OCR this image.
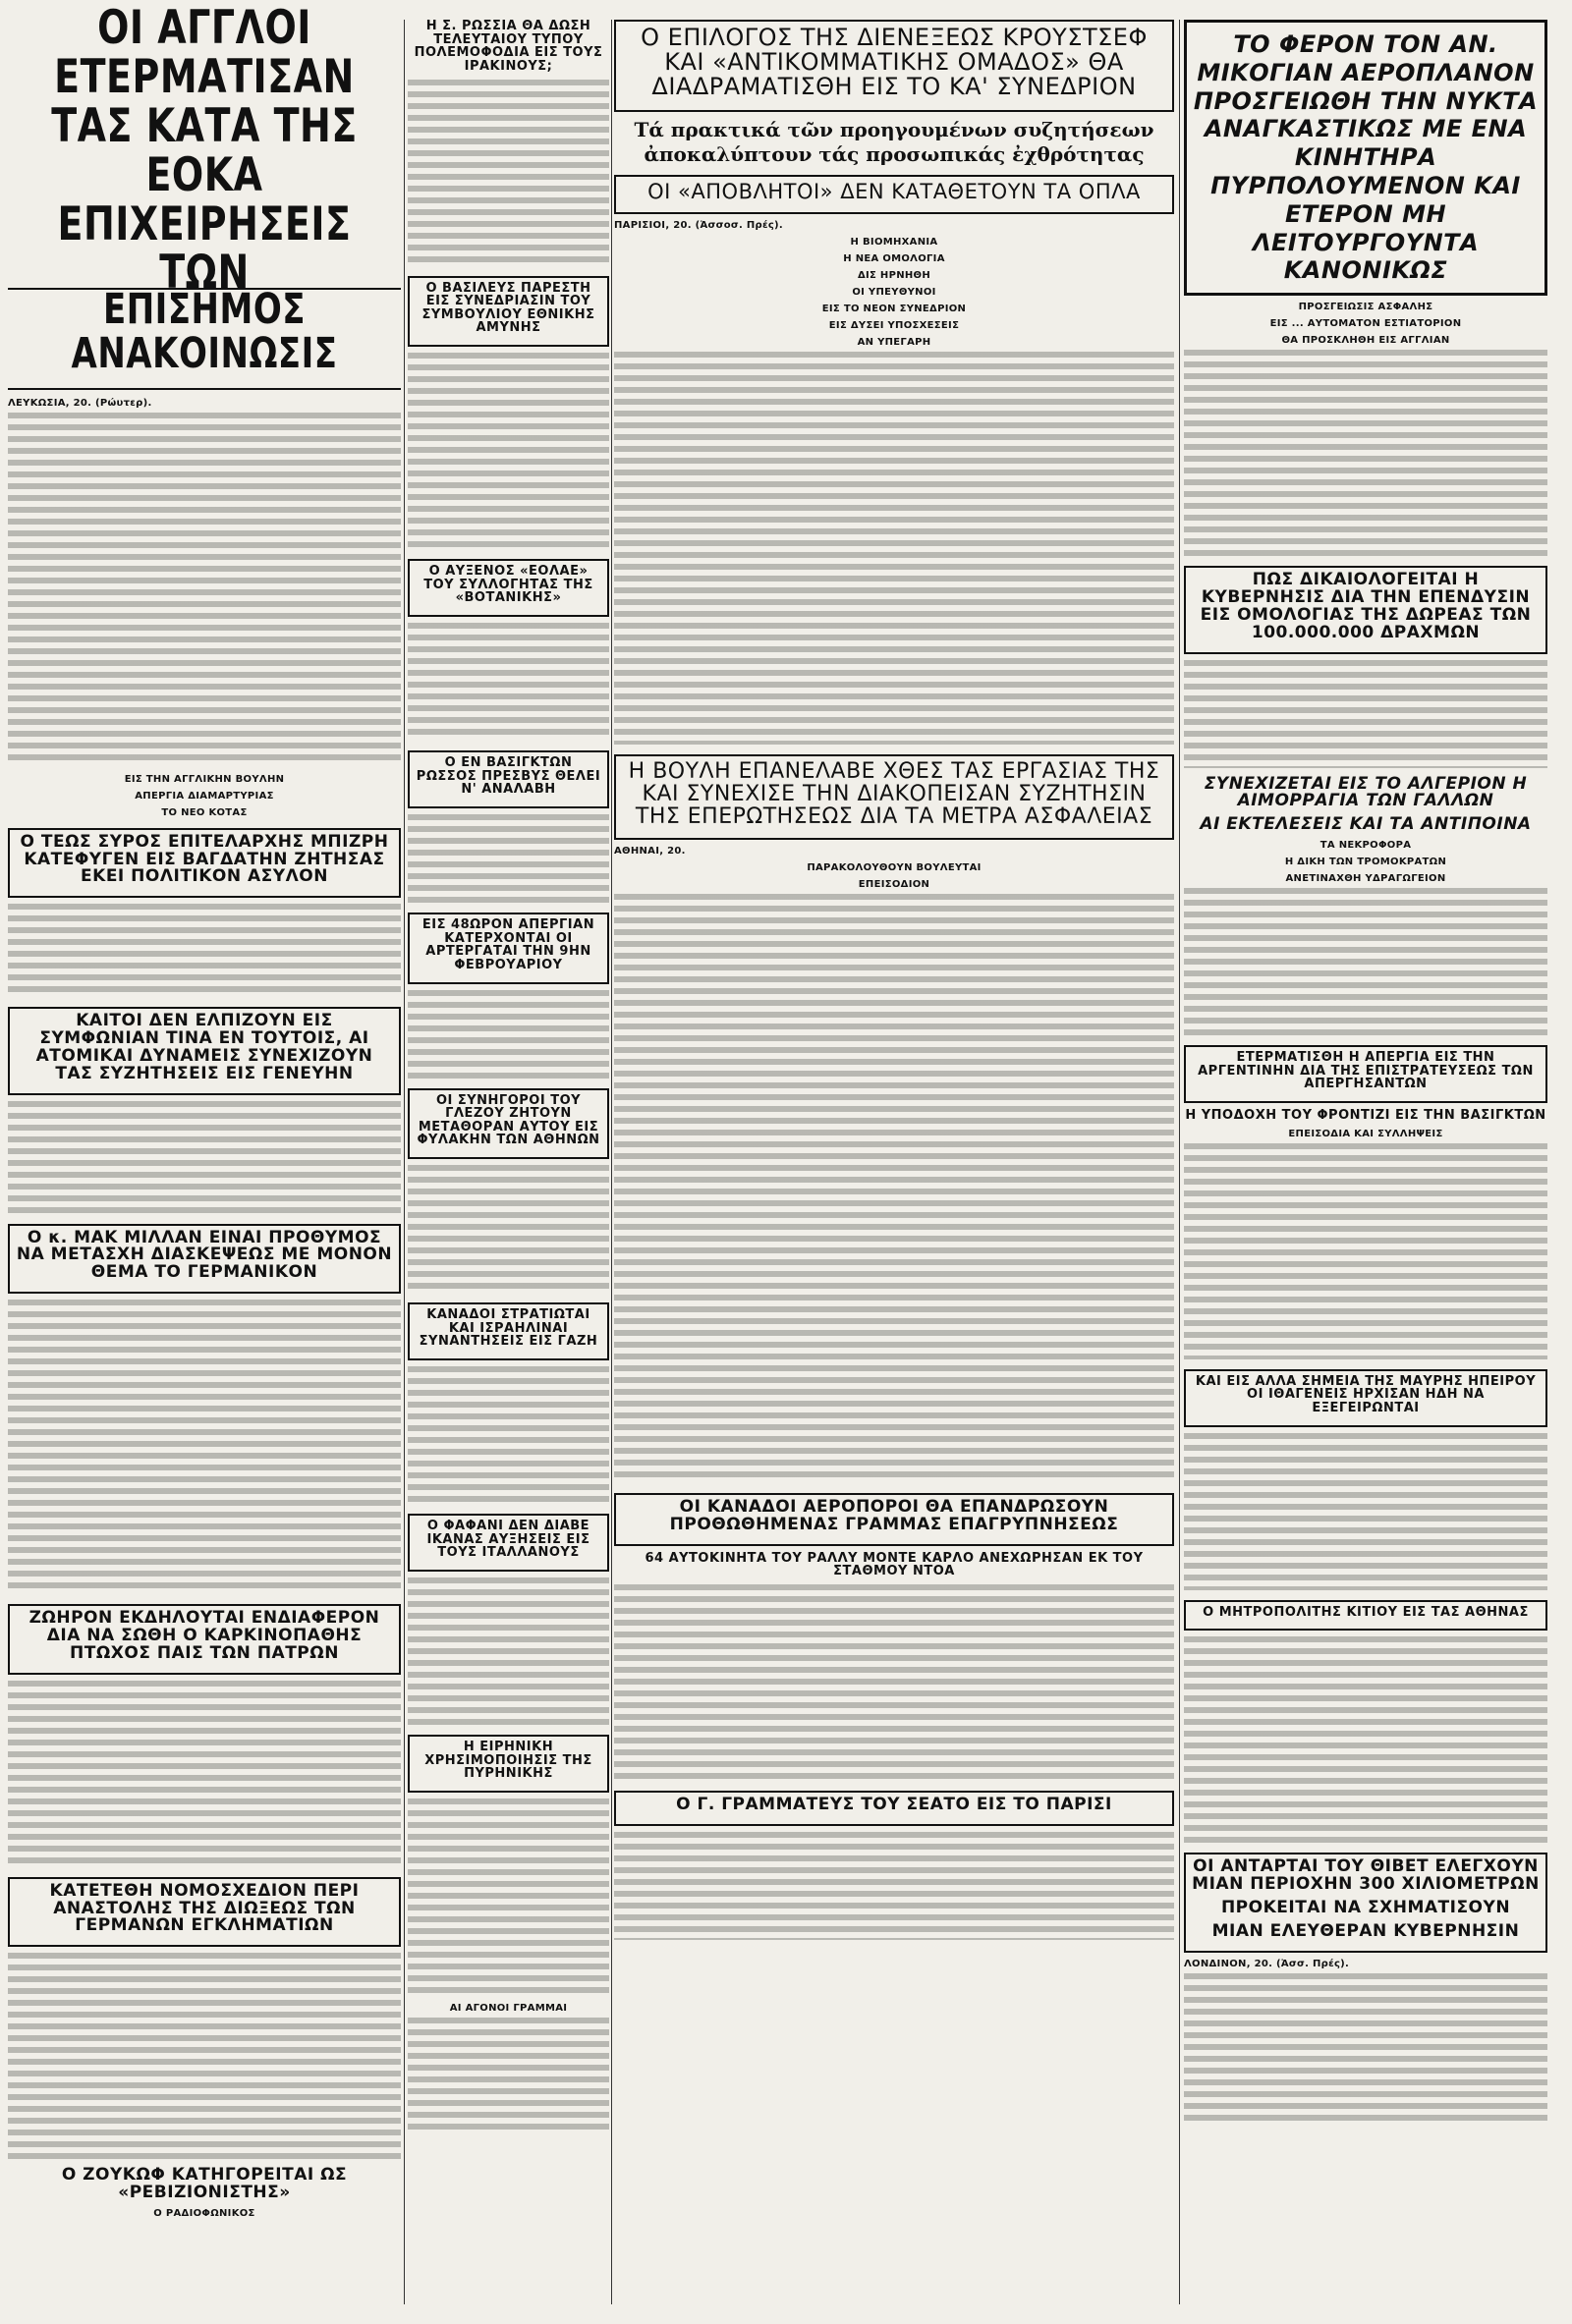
ΟΙ ΑΓΓΛΟΙ ΕΤΕΡΜΑΤΙΣΑΝ ΤΑΣ ΚΑΤΑ ΤΗΣ ΕΟΚΑ ΕΠΙΧΕΙΡΗΣΕΙΣ ΤΩΝ
ΕΠΙΣΗΜΟΣ ΑΝΑΚΟΙΝΩΣΙΣ
ΛΕΥΚΩΣΙΑ, 20. (Ρώυτερ).
ΕΙΣ ΤΗΝ ΑΓΓΛΙΚΗΝ ΒΟΥΛΗΝ
ΑΠΕΡΓΙΑ ΔΙΑΜΑΡΤΥΡΙΑΣ
ΤΟ ΝΕΟ ΚΟΤΑΣ
Ο ΤΕΩΣ ΣΥΡΟΣ ΕΠΙΤΕΛΑΡΧΗΣ ΜΠΙΖΡΗ ΚΑΤΕΦΥΓΕΝ ΕΙΣ ΒΑΓΔΑΤΗΝ ΖΗΤΗΣΑΣ ΕΚΕΙ ΠΟΛΙΤΙΚΟΝ ΑΣΥΛΟΝ
ΚΑΙΤΟΙ ΔΕΝ ΕΛΠΙΖΟΥΝ ΕΙΣ ΣΥΜΦΩΝΙΑΝ ΤΙΝΑ ΕΝ ΤΟΥΤΟΙΣ, ΑΙ ΑΤΟΜΙΚΑΙ ΔΥΝΑΜΕΙΣ ΣΥΝΕΧΙΖΟΥΝ ΤΑΣ ΣΥΖΗΤΗΣΕΙΣ ΕΙΣ ΓΕΝΕΥΗΝ
Ο κ. ΜΑΚ ΜΙΛΛΑΝ ΕΙΝΑΙ ΠΡΟΘΥΜΟΣ ΝΑ ΜΕΤΑΣΧΗ ΔΙΑΣΚΕΨΕΩΣ ΜΕ ΜΟΝΟΝ ΘΕΜΑ ΤΟ ΓΕΡΜΑΝΙΚΟΝ
ΖΩΗΡΟΝ ΕΚΔΗΛΟΥΤΑΙ ΕΝΔΙΑΦΕΡΟΝ ΔΙΑ ΝΑ ΣΩΘΗ Ο ΚΑΡΚΙΝΟΠΑΘΗΣ ΠΤΩΧΟΣ ΠΑΙΣ ΤΩΝ ΠΑΤΡΩΝ
ΚΑΤΕΤΕΘΗ ΝΟΜΟΣΧΕΔΙΟΝ ΠΕΡΙ ΑΝΑΣΤΟΛΗΣ ΤΗΣ ΔΙΩΞΕΩΣ ΤΩΝ ΓΕΡΜΑΝΩΝ ΕΓΚΛΗΜΑΤΙΩΝ
Ο ΖΟΥΚΩΦ ΚΑΤΗΓΟΡΕΙΤΑΙ ΩΣ «ΡΕΒΙΖΙΟΝΙΣΤΗΣ»
Ο ΡΑΔΙΟΦΩΝΙΚΟΣ
Η Σ. ΡΩΣΣΙΑ ΘΑ ΔΩΣΗ ΤΕΛΕΥΤΑΙΟΥ ΤΥΠΟΥ ΠΟΛΕΜΟΦΟΔΙΑ ΕΙΣ ΤΟΥΣ ΙΡΑΚΙΝΟΥΣ;
Ο ΒΑΣΙΛΕΥΣ ΠΑΡΕΣΤΗ ΕΙΣ ΣΥΝΕΔΡΙΑΣΙΝ ΤΟΥ ΣΥΜΒΟΥΛΙΟΥ ΕΘΝΙΚΗΣ ΑΜΥΝΗΣ
Ο ΑΥΞΕΝΟΣ «ΕΟΛΑΕ» ΤΟΥ ΣΥΛΛΟΓΗΤΑΣ ΤΗΣ «ΒΟΤΑΝΙΚΗΣ»
Ο ΕΝ ΒΑΣΙΓΚΤΩΝ ΡΩΣΣΟΣ ΠΡΕΣΒΥΣ ΘΕΛΕΙ Ν' ΑΝΑΛΑΒΗ
ΕΙΣ 48ΩΡΟΝ ΑΠΕΡΓΙΑΝ ΚΑΤΕΡΧΟΝΤΑΙ ΟΙ ΑΡΤΕΡΓΑΤΑΙ ΤΗΝ 9ΗΝ ΦΕΒΡΟΥΑΡΙΟΥ
ΟΙ ΣΥΝΗΓΟΡΟΙ ΤΟΥ ΓΛΕΖΟΥ ΖΗΤΟΥΝ ΜΕΤΑΘΟΡΑΝ ΑΥΤΟΥ ΕΙΣ ΦΥΛΑΚΗΝ ΤΩΝ ΑΘΗΝΩΝ
ΚΑΝΑΔΟΙ ΣΤΡΑΤΙΩΤΑΙ ΚΑΙ ΙΣΡΑΗΛΙΝΑΙ ΣΥΝΑΝΤΗΣΕΙΣ ΕΙΣ ΓΑΖΗ
Ο ΦΑΦΑΝΙ ΔΕΝ ΔΙΑΒΕ ΙΚΑΝΑΣ ΑΥΞΗΣΕΙΣ ΕΙΣ ΤΟΥΣ ΙΤΑΛΛΑΝΟΥΣ
Η ΕΙΡΗΝΙΚΗ ΧΡΗΣΙΜΟΠΟΙΗΣΙΣ ΤΗΣ ΠΥΡΗΝΙΚΗΣ
ΑΙ ΑΓΟΝΟΙ ΓΡΑΜΜΑΙ
Ο ΕΠΙΛΟΓΟΣ ΤΗΣ ΔΙΕΝΕΞΕΩΣ ΚΡΟΥΣΤΣΕΦ ΚΑΙ «ΑΝΤΙΚΟΜΜΑΤΙΚΗΣ ΟΜΑΔΟΣ» ΘΑ ΔΙΑΔΡΑΜΑΤΙΣΘΗ ΕΙΣ ΤΟ ΚΑ' ΣΥΝΕΔΡΙΟΝ
Τά πρακτικά τῶν προηγουμένων συζητήσεων ἀποκαλύπτουν τάς προσωπικάς ἐχθρότητας
ΟΙ «ΑΠΟΒΛΗΤΟΙ» ΔΕΝ ΚΑΤΑΘΕΤΟΥΝ ΤΑ ΟΠΛΑ
ΠΑΡΙΣΙΟΙ, 20. (Ἀσσοσ. Πρές).
Η ΒΙΟΜΗΧΑΝΙΑ
Η ΝΕΑ ΟΜΟΛΟΓΙΑ
ΔΙΣ ΗΡΝΗΘΗ
ΟΙ ΥΠΕΥΘΥΝΟΙ
ΕΙΣ ΤΟ ΝΕΟΝ ΣΥΝΕΔΡΙΟΝ
ΕΙΣ ΔΥΣΕΙ ΥΠΟΣΧΕΣΕΙΣ
ΑΝ ΥΠΕΓΑΡΗ
Η ΒΟΥΛΗ ΕΠΑΝΕΛΑΒΕ ΧΘΕΣ ΤΑΣ ΕΡΓΑΣΙΑΣ ΤΗΣ ΚΑΙ ΣΥΝΕΧΙΣΕ ΤΗΝ ΔΙΑΚΟΠΕΙΣΑΝ ΣΥΖΗΤΗΣΙΝ ΤΗΣ ΕΠΕΡΩΤΗΣΕΩΣ ΔΙΑ ΤΑ ΜΕΤΡΑ ΑΣΦΑΛΕΙΑΣ
ΑΘΗΝΑΙ, 20.
ΠΑΡΑΚΟΛΟΥΘΟΥΝ ΒΟΥΛΕΥΤΑΙ
ΕΠΕΙΣΟΔΙΟΝ
ΟΙ ΚΑΝΑΔΟΙ ΑΕΡΟΠΟΡΟΙ ΘΑ ΕΠΑΝΔΡΩΣΟΥΝ ΠΡΟΘΩΘΗΜΕΝΑΣ ΓΡΑΜΜΑΣ ΕΠΑΓΡΥΠΝΗΣΕΩΣ
64 ΑΥΤΟΚΙΝΗΤΑ ΤΟΥ ΡΑΛΛΥ ΜΟΝΤΕ ΚΑΡΛΟ ΑΝΕΧΩΡΗΣΑΝ ΕΚ ΤΟΥ ΣΤΑΘΜΟΥ ΝΤΟΑ
Ο Γ. ΓΡΑΜΜΑΤΕΥΣ ΤΟΥ ΣΕΑΤΟ ΕΙΣ ΤΟ ΠΑΡΙΣΙ
ΤΟ ΦΕΡΟΝ ΤΟΝ ΑΝ. ΜΙΚΟΓΙΑΝ ΑΕΡΟΠΛΑΝΟΝ ΠΡΟΣΓΕΙΩΘΗ ΤΗΝ ΝΥΚΤΑ ΑΝΑΓΚΑΣΤΙΚΩΣ ΜΕ ΕΝΑ ΚΙΝΗΤΗΡΑ ΠΥΡΠΟΛΟΥΜΕΝΟΝ ΚΑΙ ΕΤΕΡΟΝ ΜΗ ΛΕΙΤΟΥΡΓΟΥΝΤΑ ΚΑΝΟΝΙΚΩΣ
ΠΡΟΣΓΕΙΩΣΙΣ ΑΣΦΑΛΗΣ
ΕΙΣ ... ΑΥΤΟΜΑΤΟΝ ΕΣΤΙΑΤΟΡΙΟΝ
ΘΑ ΠΡΟΣΚΛΗΘΗ ΕΙΣ ΑΓΓΛΙΑΝ
ΠΩΣ ΔΙΚΑΙΟΛΟΓΕΙΤΑΙ Η ΚΥΒΕΡΝΗΣΙΣ ΔΙΑ ΤΗΝ ΕΠΕΝΔΥΣΙΝ ΕΙΣ ΟΜΟΛΟΓΙΑΣ ΤΗΣ ΔΩΡΕΑΣ ΤΩΝ 100.000.000 ΔΡΑΧΜΩΝ
ΣΥΝΕΧΙΖΕΤΑΙ ΕΙΣ ΤΟ ΑΛΓΕΡΙΟΝ Η ΑΙΜΟΡΡΑΓΙΑ ΤΩΝ ΓΑΛΛΩΝ
ΑΙ ΕΚΤΕΛΕΣΕΙΣ ΚΑΙ ΤΑ ΑΝΤΙΠΟΙΝΑ
ΤΑ ΝΕΚΡΟΦΟΡΑ
Η ΔΙΚΗ ΤΩΝ ΤΡΟΜΟΚΡΑΤΩΝ
ΑΝΕΤΙΝΑΧΘΗ ΥΔΡΑΓΩΓΕΙΟΝ
ΕΤΕΡΜΑΤΙΣΘΗ Η ΑΠΕΡΓΙΑ ΕΙΣ ΤΗΝ ΑΡΓΕΝΤΙΝΗΝ ΔΙΑ ΤΗΣ ΕΠΙΣΤΡΑΤΕΥΣΕΩΣ ΤΩΝ ΑΠΕΡΓΗΣΑΝΤΩΝ
Η ΥΠΟΔΟΧΗ ΤΟΥ ΦΡΟΝΤΙΖΙ ΕΙΣ ΤΗΝ ΒΑΣΙΓΚΤΩΝ
ΕΠΕΙΣΟΔΙΑ ΚΑΙ ΣΥΛΛΗΨΕΙΣ
ΚΑΙ ΕΙΣ ΑΛΛΑ ΣΗΜΕΙΑ ΤΗΣ ΜΑΥΡΗΣ ΗΠΕΙΡΟΥ ΟΙ ΙΘΑΓΕΝΕΙΣ ΗΡΧΙΣΑΝ ΗΔΗ ΝΑ ΕΞΕΓΕΙΡΩΝΤΑΙ
Ο ΜΗΤΡΟΠΟΛΙΤΗΣ ΚΙΤΙΟΥ ΕΙΣ ΤΑΣ ΑΘΗΝΑΣ
ΟΙ ΑΝΤΑΡΤΑΙ ΤΟΥ ΘΙΒΕΤ ΕΛΕΓΧΟΥΝ ΜΙΑΝ ΠΕΡΙΟΧΗΝ 300 ΧΙΛΙΟΜΕΤΡΩΝ
ΠΡΟΚΕΙΤΑΙ ΝΑ ΣΧΗΜΑΤΙΣΟΥΝ
ΜΙΑΝ ΕΛΕΥΘΕΡΑΝ ΚΥΒΕΡΝΗΣΙΝ
ΛΟΝΔΙΝΟΝ, 20. (Ἀσσ. Πρές).
